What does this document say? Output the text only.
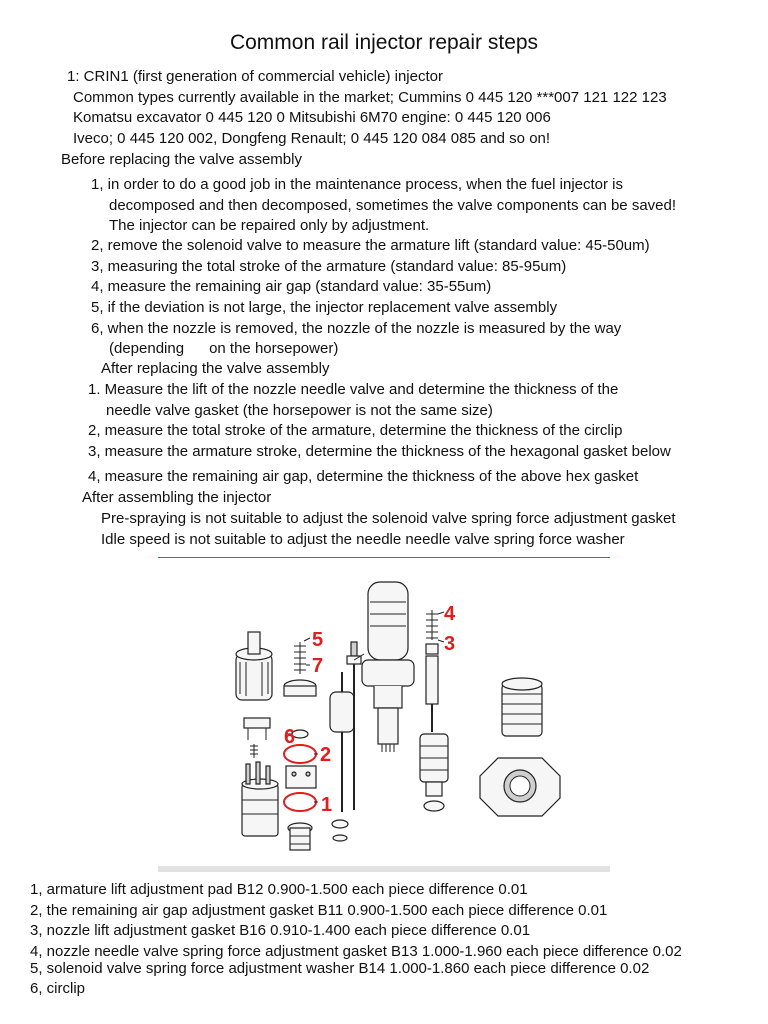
Common rail injector repair steps
1: CRIN1 (first generation of commercial vehicle) injector
Common types currently available in the market; Cummins 0 445 120 ***007 121 122 123
Komatsu excavator 0 445 120 0 Mitsubishi 6M70 engine: 0 445 120 006
Iveco; 0 445 120 002, Dongfeng Renault; 0 445 120 084 085 and so on!
Before replacing the valve assembly
1, in order to do a good job in the maintenance process, when the fuel injector is
decomposed and then decomposed, sometimes the valve components can be saved!
The injector can be repaired only by adjustment.
2, remove the solenoid valve to measure the armature lift (standard value: 45-50um)
3, measuring the total stroke of the armature (standard value: 85-95um)
4, measure the remaining air gap (standard value: 35-55um)
5, if the deviation is not large, the injector replacement valve assembly
6, when the nozzle is removed, the nozzle of the nozzle is measured by the way
(depending      on the horsepower)
After replacing the valve assembly
1. Measure the lift of the nozzle needle valve and determine the thickness of the
needle valve gasket (the horsepower is not the same size)
2, measure the total stroke of the armature, determine the thickness of the circlip
3, measure the armature stroke, determine the thickness of the hexagonal gasket below
4, measure the remaining air gap, determine the thickness of the above hex gasket
After assembling the injector
Pre-spraying is not suitable to adjust the solenoid valve spring force adjustment gasket
Idle speed is not suitable to adjust the needle needle valve spring force washer
1
2
3
4
5
6
7
1, armature lift adjustment pad B12 0.900-1.500 each piece difference 0.01
2, the remaining air gap adjustment gasket B11 0.900-1.500 each piece difference 0.01
3, nozzle lift adjustment gasket B16 0.910-1.400 each piece difference 0.01
4, nozzle needle valve spring force adjustment gasket B13 1.000-1.960 each piece difference 0.02
5, solenoid valve spring force adjustment washer B14 1.000-1.860 each piece difference 0.02
6, circlip
